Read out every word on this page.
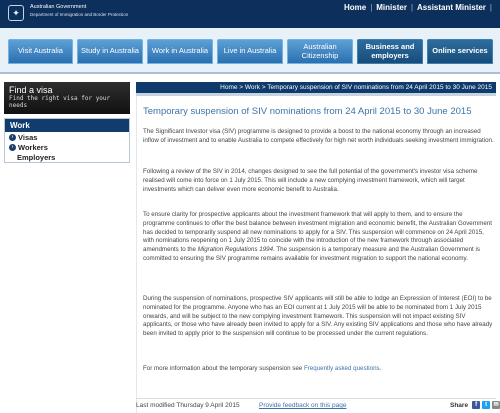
✦
Australian Government
Department of Immigration and Border Protection
Home | Minister | Assistant Minister |
Visit Australia	Study in Australia	Work in Australia	Live in Australia	Australian Citizenship
Business and employers	Online services
Find a visa
Find the right visa for your needs
Work
› Visas
› Workers
Employers
Home > Work > Temporary suspension of SIV nominations from 24 April 2015 to 30 June 2015
Temporary suspension of SIV nominations from 24 April 2015 to 30 June 2015

The Significant Investor visa (SIV) programme is designed to provide a boost to the national economy through an increased inflow of investment and to enable Australia to compete effectively for high net worth individuals seeking investment immigration.

Following a review of the SIV in 2014, changes designed to see the full potential of the government's investor visa scheme realised will come into force on 1 July 2015. This will include a new complying investment framework, which will target investments which can deliver even more economic benefit to Australia.

To ensure clarity for prospective applicants about the investment framework that will apply to them, and to ensure the programme continues to offer the best balance between investment migration and economic benefit, the Australian Government has decided to temporarily suspend all new nominations to apply for a SIV. This suspension will commence on 24 April 2015, with nominations reopening on 1 July 2015 to coincide with the introduction of the new framework through associated amendments to the Migration Regulations 1994. The suspension is a temporary measure and the Australian Government is committed to ensuring the SIV programme remains available for investment migration to support the national economy.

During the suspension of nominations, prospective SIV applicants will still be able to lodge an Expression of Interest (EOI) to be nominated for the programme. Anyone who has an EOI current at 1 July 2015 will be able to be nominated from 1 July 2015 onwards, and will be subject to the new complying investment framework. This suspension will not impact existing SIV applicants, or those who have already been invited to apply for a SIV. Any existing SIV applications and those who have already been invited to apply prior to the suspension will continue to be processed under the current regulations.

For more information about the temporary suspension see Frequently asked questions.

Last modified Thursday 9 April 2015	Provide feedback on this page	Share	f	t	✉
